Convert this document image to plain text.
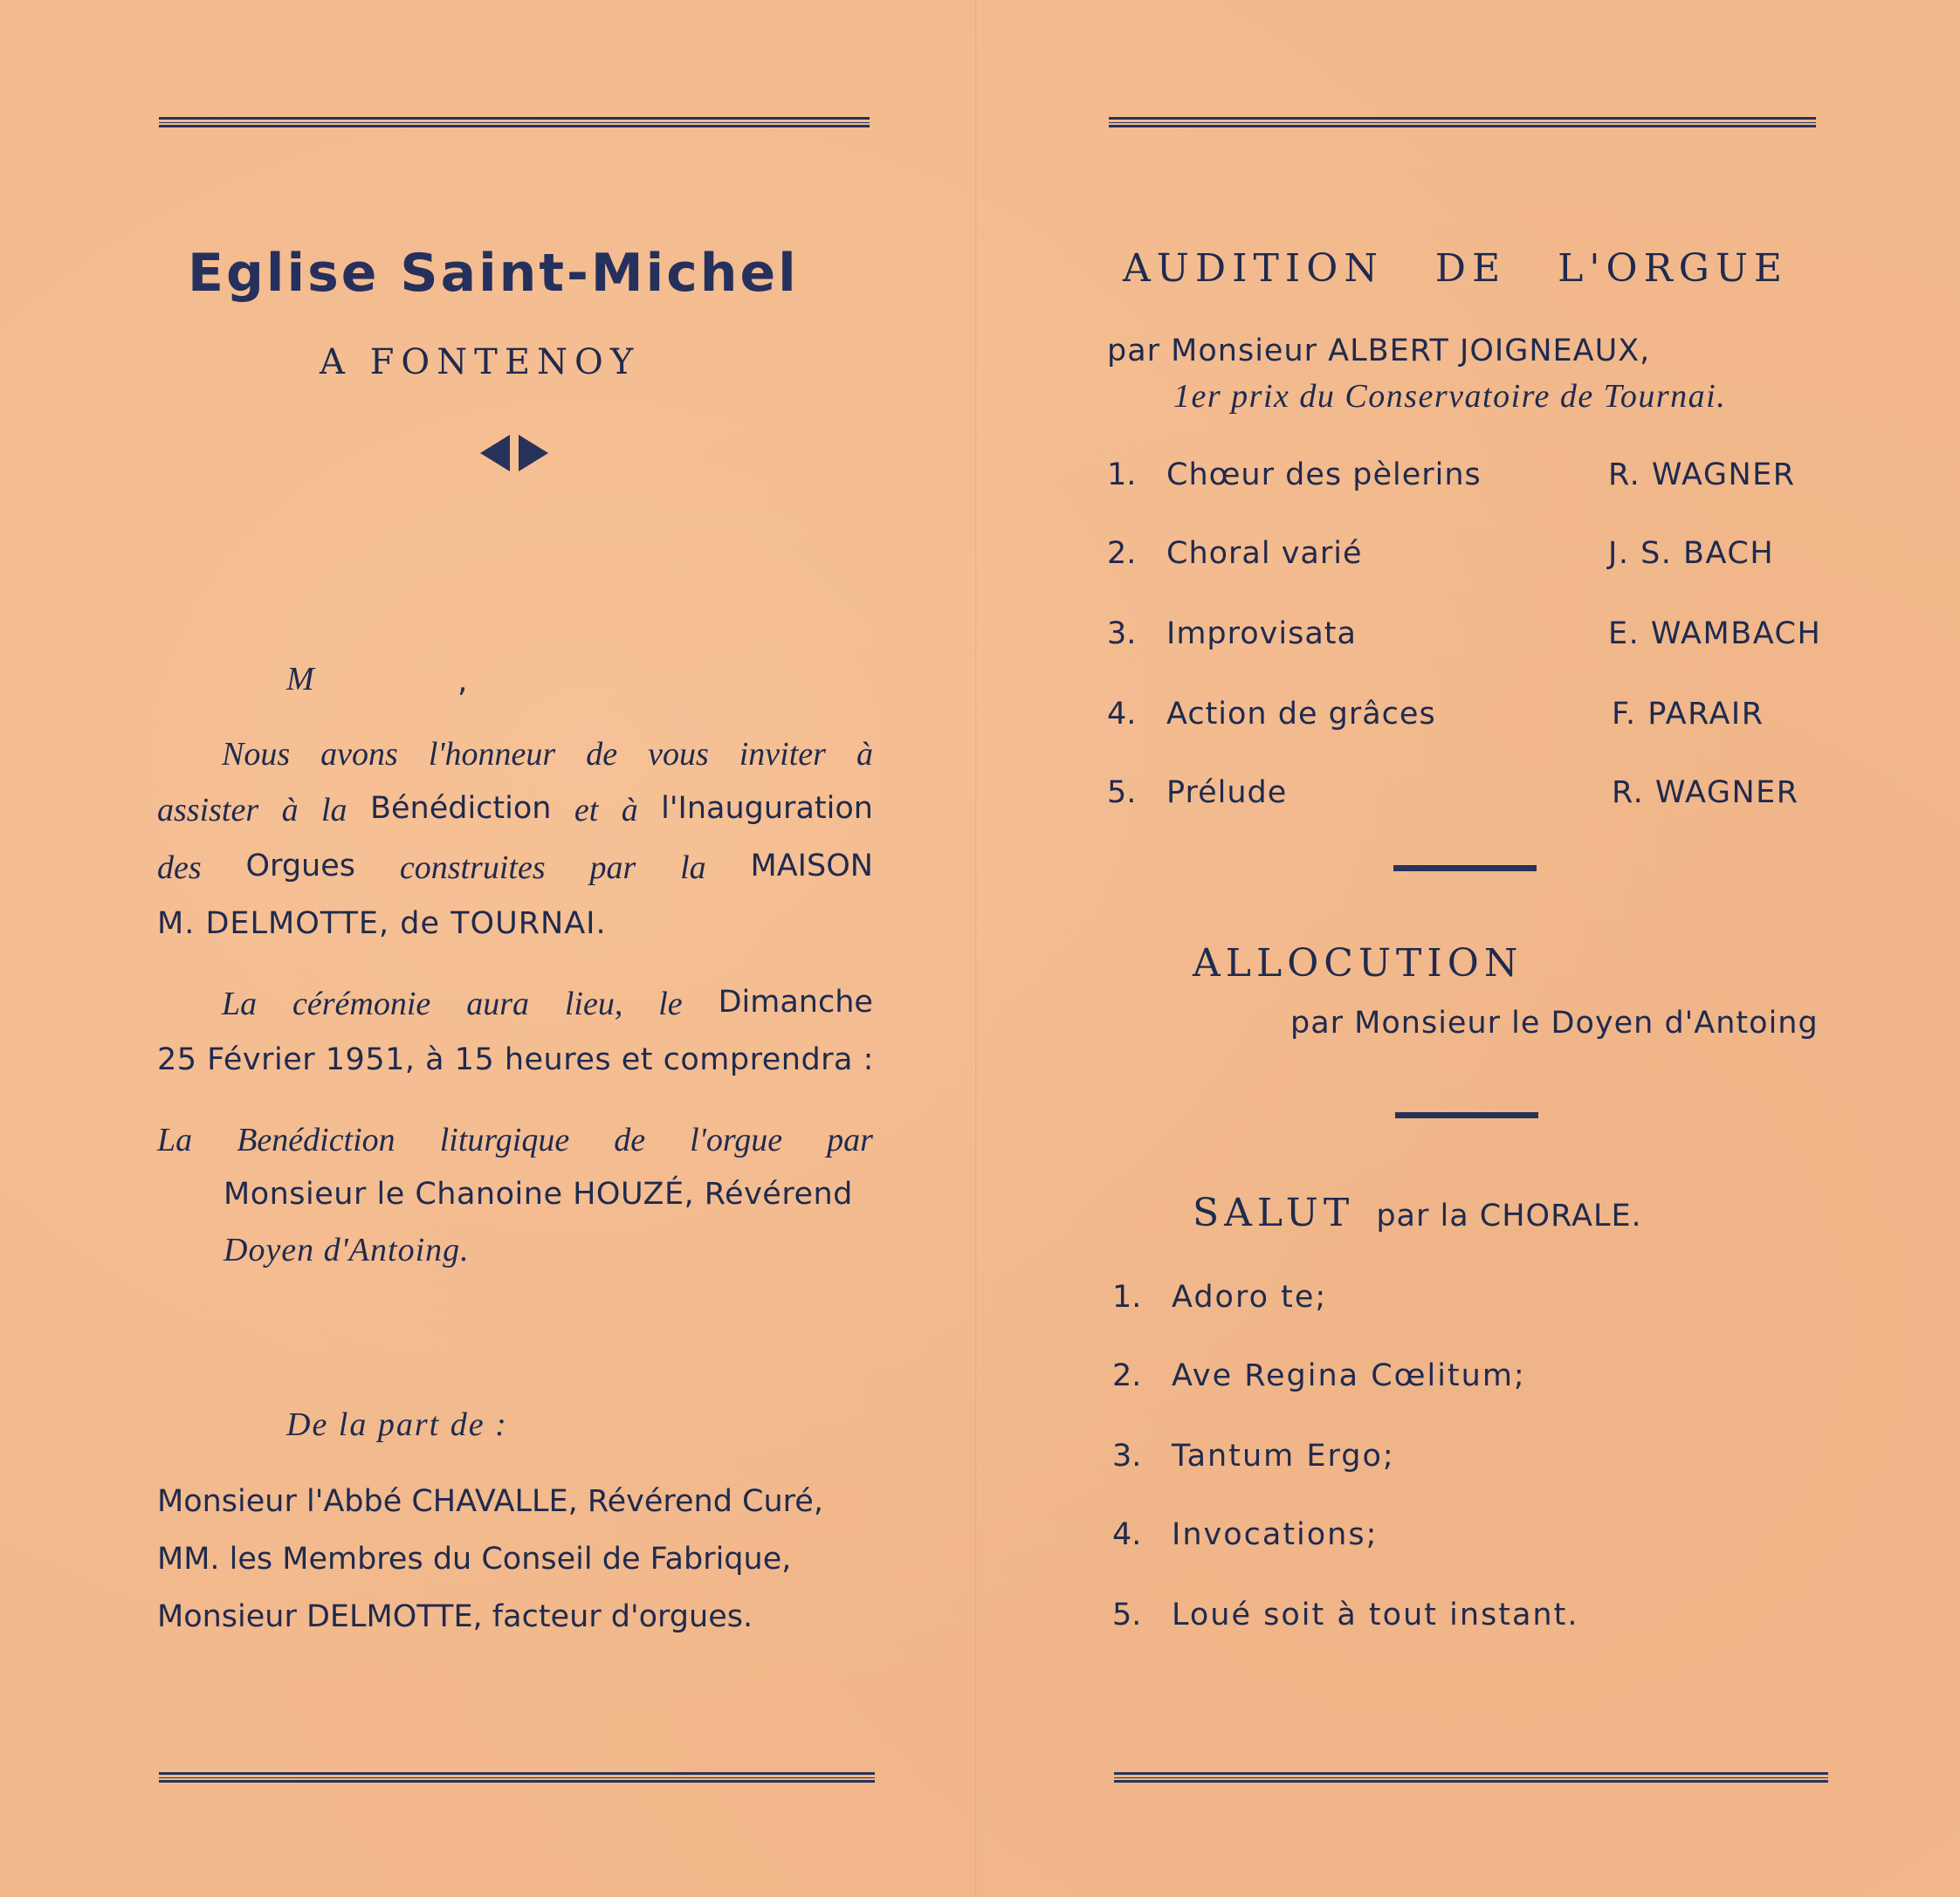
Eglise Saint-Michel
A FONTENOY
M	,
Nous avons l'honneur de vous inviter à
assister à la Bénédiction et à l'Inauguration
des Orgues construites par la MAISON
M. DELMOTTE, de TOURNAI.
La cérémonie aura lieu, le Dimanche
25 Février 1951, à 15 heures et comprendra :
La Benédiction liturgique de l'orgue par
Monsieur le Chanoine HOUZÉ, Révérend
Doyen d'Antoing.
De la part de :
Monsieur l'Abbé CHAVALLE, Révérend Curé,
MM. les Membres du Conseil de Fabrique,
Monsieur DELMOTTE, facteur d'orgues.
AUDITION DE L'ORGUE
par Monsieur ALBERT JOIGNEAUX,
1er prix du Conservatoire de Tournai.
1. Chœur des pèlerins	R. WAGNER
2. Choral varié	J. S. BACH
3. Improvisata	E. WAMBACH
4. Action de grâces	F. PARAIR
5. Prélude	R. WAGNER
ALLOCUTION
par Monsieur le Doyen d'Antoing
SALUT par la CHORALE.
1. Adoro te;
2. Ave Regina Cœlitum;
3. Tantum Ergo;
4. Invocations;
5. Loué soit à tout instant.
